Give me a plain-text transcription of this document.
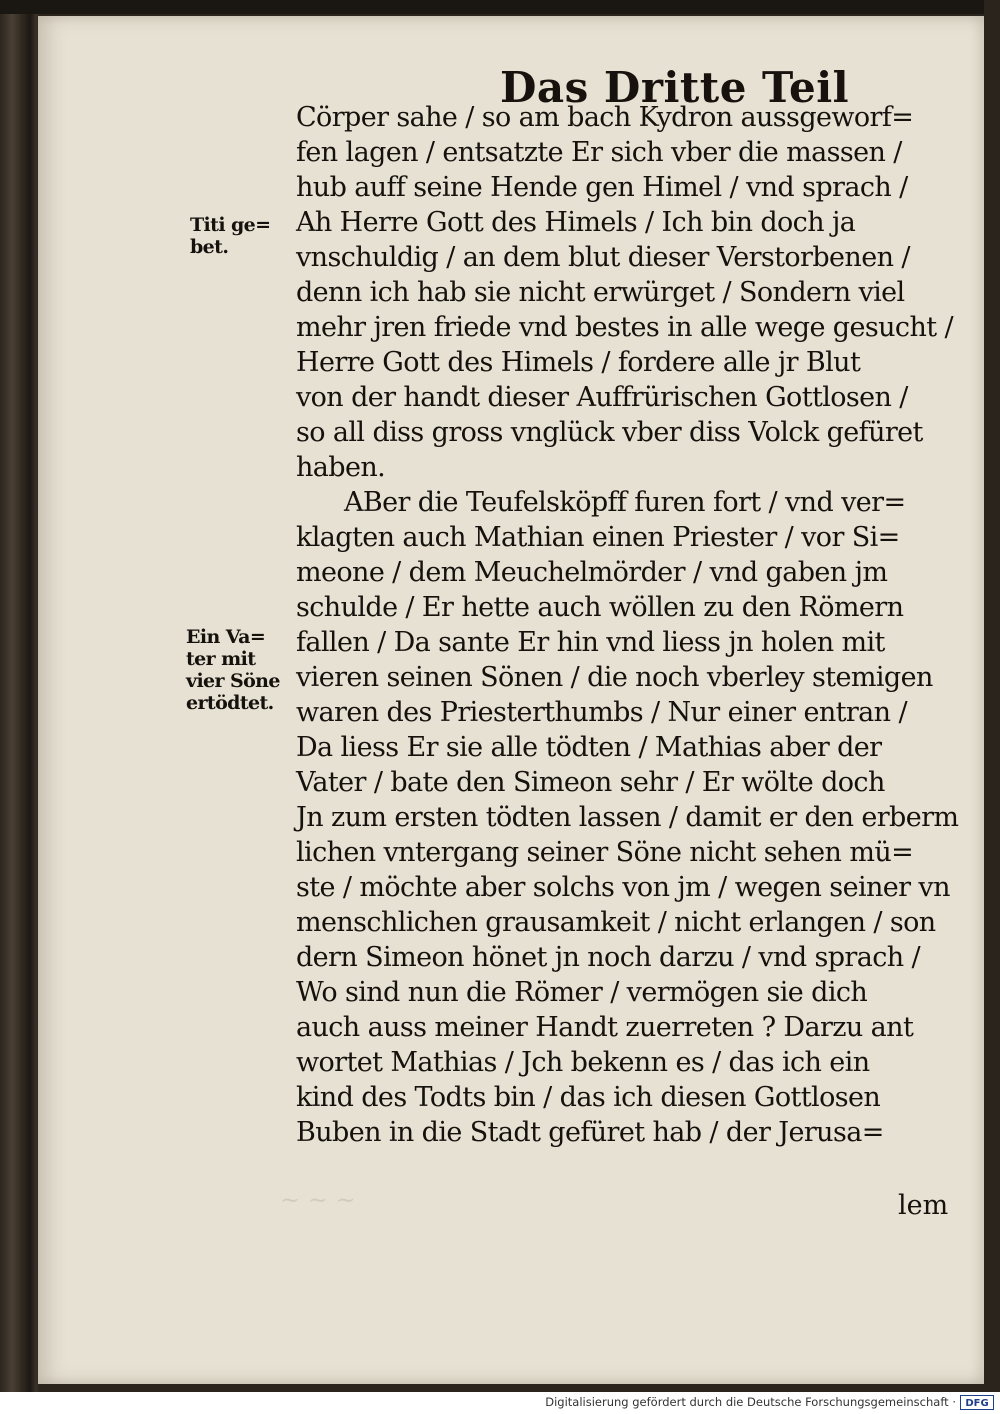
Das Dritte Teil
Titi ge=
bet.
Ein Va=
ter mit
vier Söne
ertödtet.
Cörper sahe / so am bach Kydron aussgeworf=
fen lagen / entsatzte Er sich vber die massen /
hub auff seine Hende gen Himel / vnd sprach /
Ah Herre Gott des Himels / Ich bin doch ja
vnschuldig / an dem blut dieser Verstorbenen /
denn ich hab sie nicht erwürget / Sondern viel
mehr jren friede vnd bestes in alle wege gesucht /
Herre Gott des Himels / fordere alle jr Blut
von der handt dieser Auffrürischen Gottlosen /
so all diss gross vnglück vber diss Volck gefüret
haben.
ABer die Teufelsköpff furen fort / vnd ver=
klagten auch Mathian einen Priester / vor Si=
meone / dem Meuchelmörder / vnd gaben jm
schulde / Er hette auch wöllen zu den Römern
fallen / Da sante Er hin vnd liess jn holen mit
vieren seinen Sönen / die noch vberley stemigen
waren des Priesterthumbs / Nur einer entran /
Da liess Er sie alle tödten / Mathias aber der
Vater / bate den Simeon sehr / Er wölte doch
Jn zum ersten tödten lassen / damit er den erberm
lichen vntergang seiner Söne nicht sehen mü=
ste / möchte aber solchs von jm / wegen seiner vn
menschlichen grausamkeit / nicht erlangen / son
dern Simeon hönet jn noch darzu / vnd sprach /
Wo sind nun die Römer / vermögen sie dich
auch auss meiner Handt zuerreten ? Darzu ant
wortet Mathias / Jch bekenn es / das ich ein
kind des Todts bin / das ich diesen Gottlosen
Buben in die Stadt gefüret hab / der Jerusa=
lem
~ ~ ~
Digitalisierung gefördert durch die Deutsche Forschungsgemeinschaft · DFG
